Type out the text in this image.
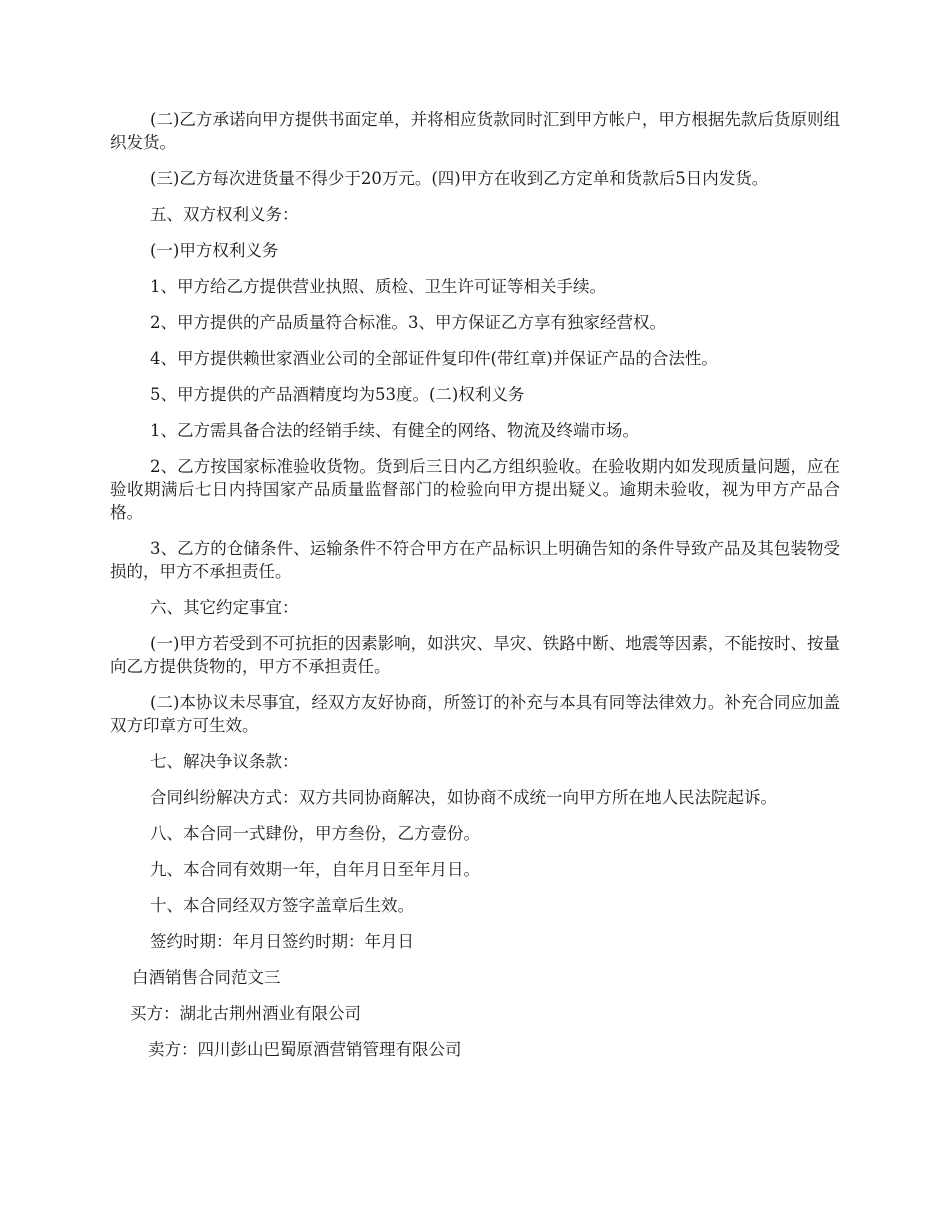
(二)乙方承诺向甲方提供书面定单，并将相应货款同时汇到甲方帐户，甲方根据先款后货原则组织发货。

(三)乙方每次进货量不得少于20万元。(四)甲方在收到乙方定单和货款后5日内发货。

五、双方权利义务：

(一)甲方权利义务

1、甲方给乙方提供营业执照、质检、卫生许可证等相关手续。

2、甲方提供的产品质量符合标准。3、甲方保证乙方享有独家经营权。

4、甲方提供赖世家酒业公司的全部证件复印件(带红章)并保证产品的合法性。

5、甲方提供的产品酒精度均为53度。(二)权利义务

1、乙方需具备合法的经销手续、有健全的网络、物流及终端市场。

2、乙方按国家标准验收货物。货到后三日内乙方组织验收。在验收期内如发现质量问题，应在验收期满后七日内持国家产品质量监督部门的检验向甲方提出疑义。逾期未验收，视为甲方产品合格。

3、乙方的仓储条件、运输条件不符合甲方在产品标识上明确告知的条件导致产品及其包装物受损的，甲方不承担责任。

六、其它约定事宜：

(一)甲方若受到不可抗拒的因素影响，如洪灾、旱灾、铁路中断、地震等因素，不能按时、按量向乙方提供货物的，甲方不承担责任。

(二)本协议未尽事宜，经双方友好协商，所签订的补充与本具有同等法律效力。补充合同应加盖双方印章方可生效。

七、解决争议条款：

合同纠纷解决方式：双方共同协商解决，如协商不成统一向甲方所在地人民法院起诉。

八、本合同一式肆份，甲方叁份，乙方壹份。

九、本合同有效期一年，自年月日至年月日。

十、本合同经双方签字盖章后生效。

签约时期：年月日签约时期：年月日

白酒销售合同范文三

买方：湖北古荆州酒业有限公司

卖方：四川彭山巴蜀原酒营销管理有限公司
